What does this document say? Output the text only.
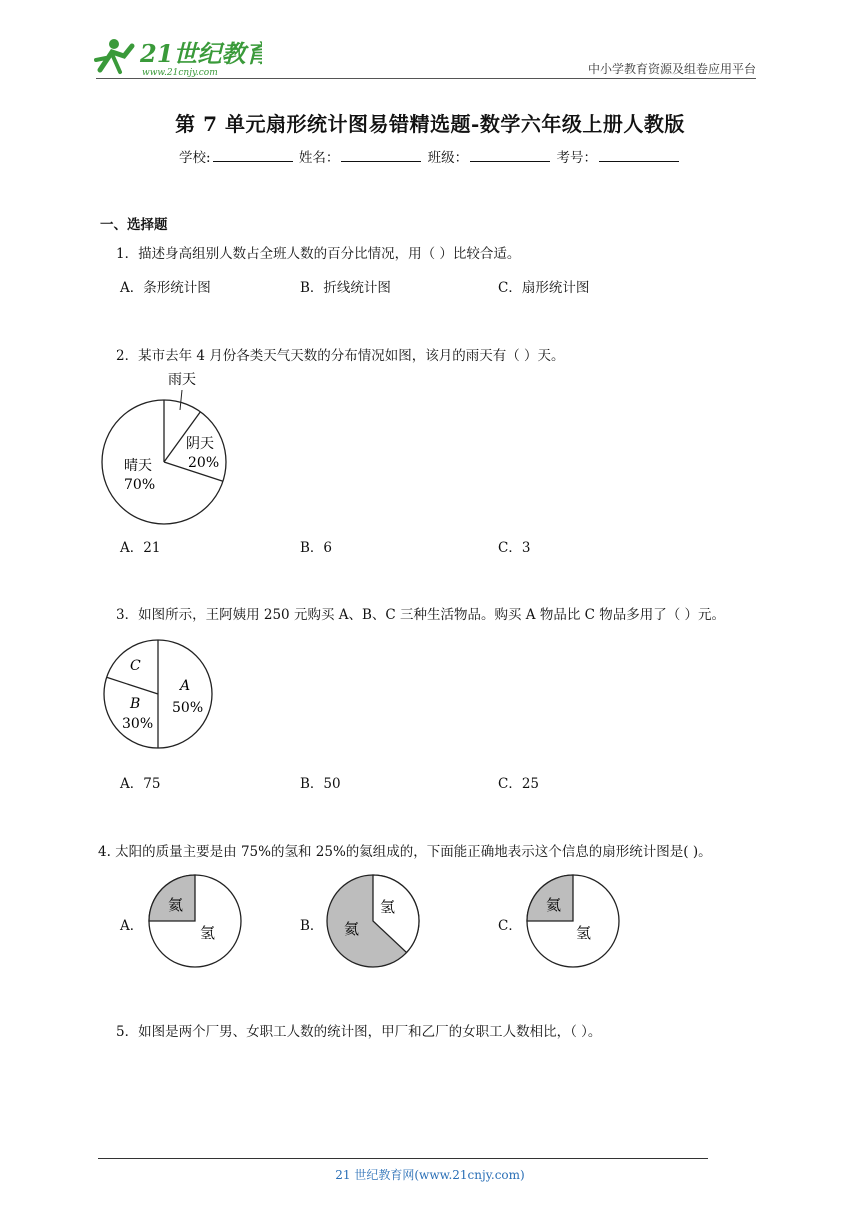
21世纪教育
www.21cnjy.com	中小学教育资源及组卷应用平台
第 7 单元扇形统计图易错精选题-数学六年级上册人教版
学校:	姓名：	班级：	考号：
一、选择题
1．描述身高组别人数占全班人数的百分比情况，用（ ）比较合适。
A．条形统计图	B．折线统计图	C．扇形统计图
2．某市去年 4 月份各类天气天数的分布情况如图，该月的雨天有（ ）天。
雨天
阴天
20%
晴天
70%
A．21	B．6	C．3
3．如图所示，王阿姨用 250 元购买 A、B、C 三种生活物品。购买 A 物品比 C 物品多用了（ ）元。
C
A
50%
B
30%
A．75	B．50	C．25
4. 太阳的质量主要是由 75%的氢和 25%的氦组成的，下面能正确地表示这个信息的扇形统计图是( )。
A．
氦
氢	B．
氢
氦	C．
氦
氢
5．如图是两个厂男、女职工人数的统计图，甲厂和乙厂的女职工人数相比，（ ）。
21 世纪教育网(www.21cnjy.com)
